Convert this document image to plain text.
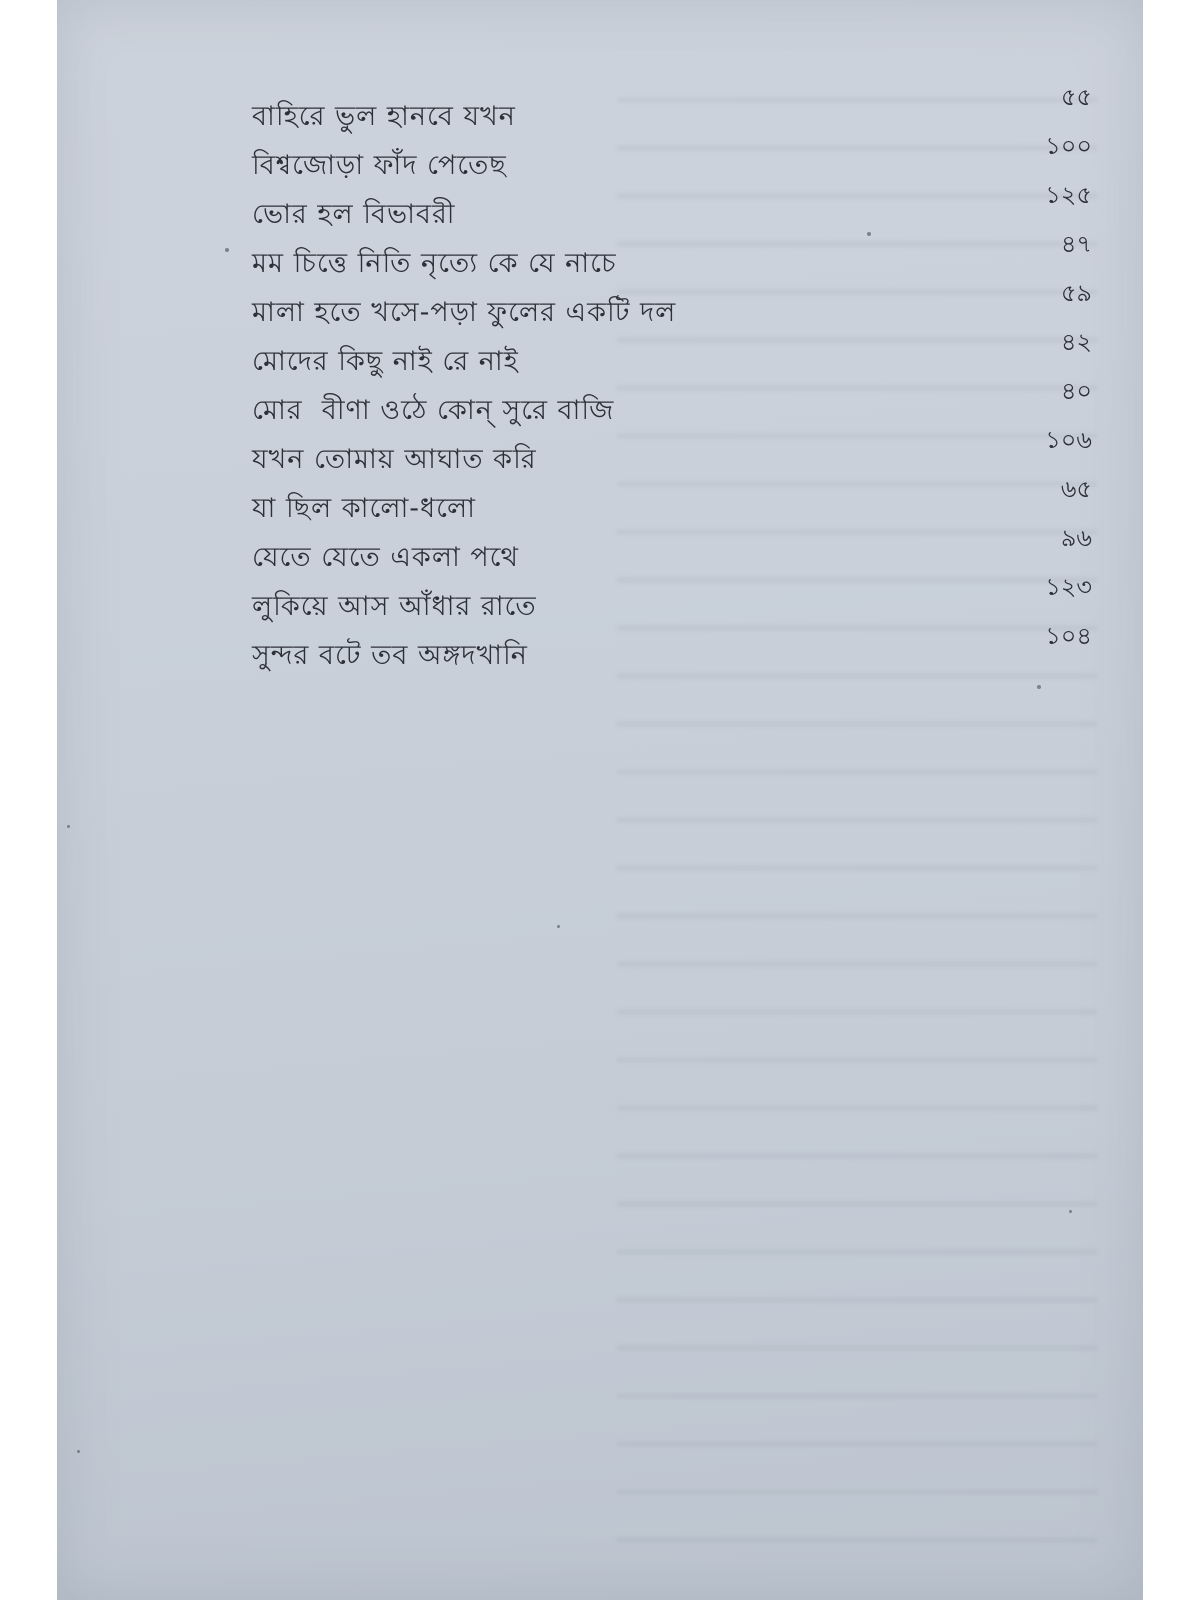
বাহিরে ভুল হানবে যখন
৫৫
বিশ্বজোড়া ফাঁদ পেতেছ
১০০
ভোর হল বিভাবরী
১২৫
মম চিত্তে নিতি নৃত্যে কে যে নাচে
৪৭
মালা হতে খসে-পড়া ফুলের একটি দল
৫৯
মোদের কিছু নাই রে নাই
৪২
মোর  বীণা ওঠে কোন্ সুরে বাজি
৪০
যখন তোমায় আঘাত করি
১০৬
যা ছিল কালো-ধলো
৬৫
যেতে যেতে একলা পথে
৯৬
লুকিয়ে আস আঁধার রাতে
১২৩
সুন্দর বটে তব অঙ্গদখানি
১০৪
